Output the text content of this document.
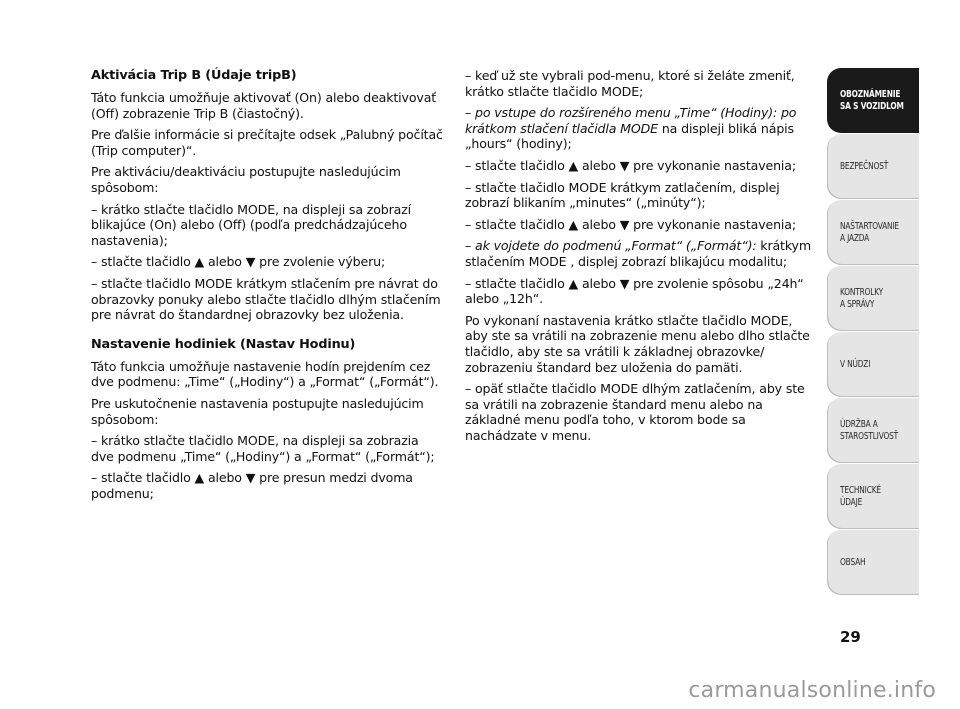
Aktivácia Trip B (Údaje tripB)

Táto funkcia umožňuje aktivovať (On) alebo deaktivovať (Off) zobrazenie Trip B (čiastočný).

Pre ďalšie informácie si prečítajte odsek „Palubný počítač (Trip computer)“.

Pre aktiváciu/deaktiváciu postupujte nasledujúcim spôsobom:

– krátko stlačte tlačidlo MODE, na displeji sa zobrazí blikajúce (On) alebo (Off) (podľa predchádzajúceho nastavenia);

– stlačte tlačidlo ▲ alebo ▼ pre zvolenie výberu;

– stlačte tlačidlo MODE krátkym stlačením pre návrat do obrazovky ponuky alebo stlačte tlačidlo dlhým stlačením pre návrat do štandardnej obrazovky bez uloženia.

Nastavenie hodiniek (Nastav Hodinu)

Táto funkcia umožňuje nastavenie hodín prejdením cez dve podmenu: „Time“ („Hodiny“) a „Format“ („Formát“).

Pre uskutočnenie nastavenia postupujte nasledujúcim spôsobom:

– krátko stlačte tlačidlo MODE, na displeji sa zobrazia dve podmenu „Time“ („Hodiny“) a „Format“ („Formát“);

– stlačte tlačidlo ▲ alebo ▼ pre presun medzi dvoma podmenu;

– keď už ste vybrali pod-menu, ktoré si želáte zmeniť, krátko stlačte tlačidlo MODE;

– po vstupe do rozšíreného menu „Time“ (Hodiny): po krátkom stlačení tlačidla MODE na displeji bliká nápis „hours“ (hodiny);

– stlačte tlačidlo ▲ alebo ▼ pre vykonanie nastavenia;

– stlačte tlačidlo MODE krátkym zatlačením, displej zobrazí blikaním „minutes“ („minúty“);

– stlačte tlačidlo ▲ alebo ▼ pre vykonanie nastavenia;

– ak vojdete do podmenú „Format“ („Formát“): krátkym stlačením MODE , displej zobrazí blikajúcu modalitu;

– stlačte tlačidlo ▲ alebo ▼ pre zvolenie spôsobu „24h“ alebo „12h“.

Po vykonaní nastavenia krátko stlačte tlačidlo MODE, aby ste sa vrátili na zobrazenie menu alebo dlho stlačte tlačidlo, aby ste sa vrátili k základnej obrazovke/ zobrazeniu štandard bez uloženia do pamäti.

– opäť stlačte tlačidlo MODE dlhým zatlačením, aby ste sa vrátili na zobrazenie štandard menu alebo na základné menu podľa toho, v ktorom bode sa nachádzate v menu.

OBOZNÁMENIE
SA S VOZIDLOM
BEZPEČNOSŤ
NAŠTARTOVANIE
A JAZDA
KONTROLKY
A SPRÁVY
V NÚDZI
ÚDRŽBA A
STAROSTLIVOSŤ
TECHNICKÉ
ÚDAJE
OBSAH
29
carmanualsonline.info
